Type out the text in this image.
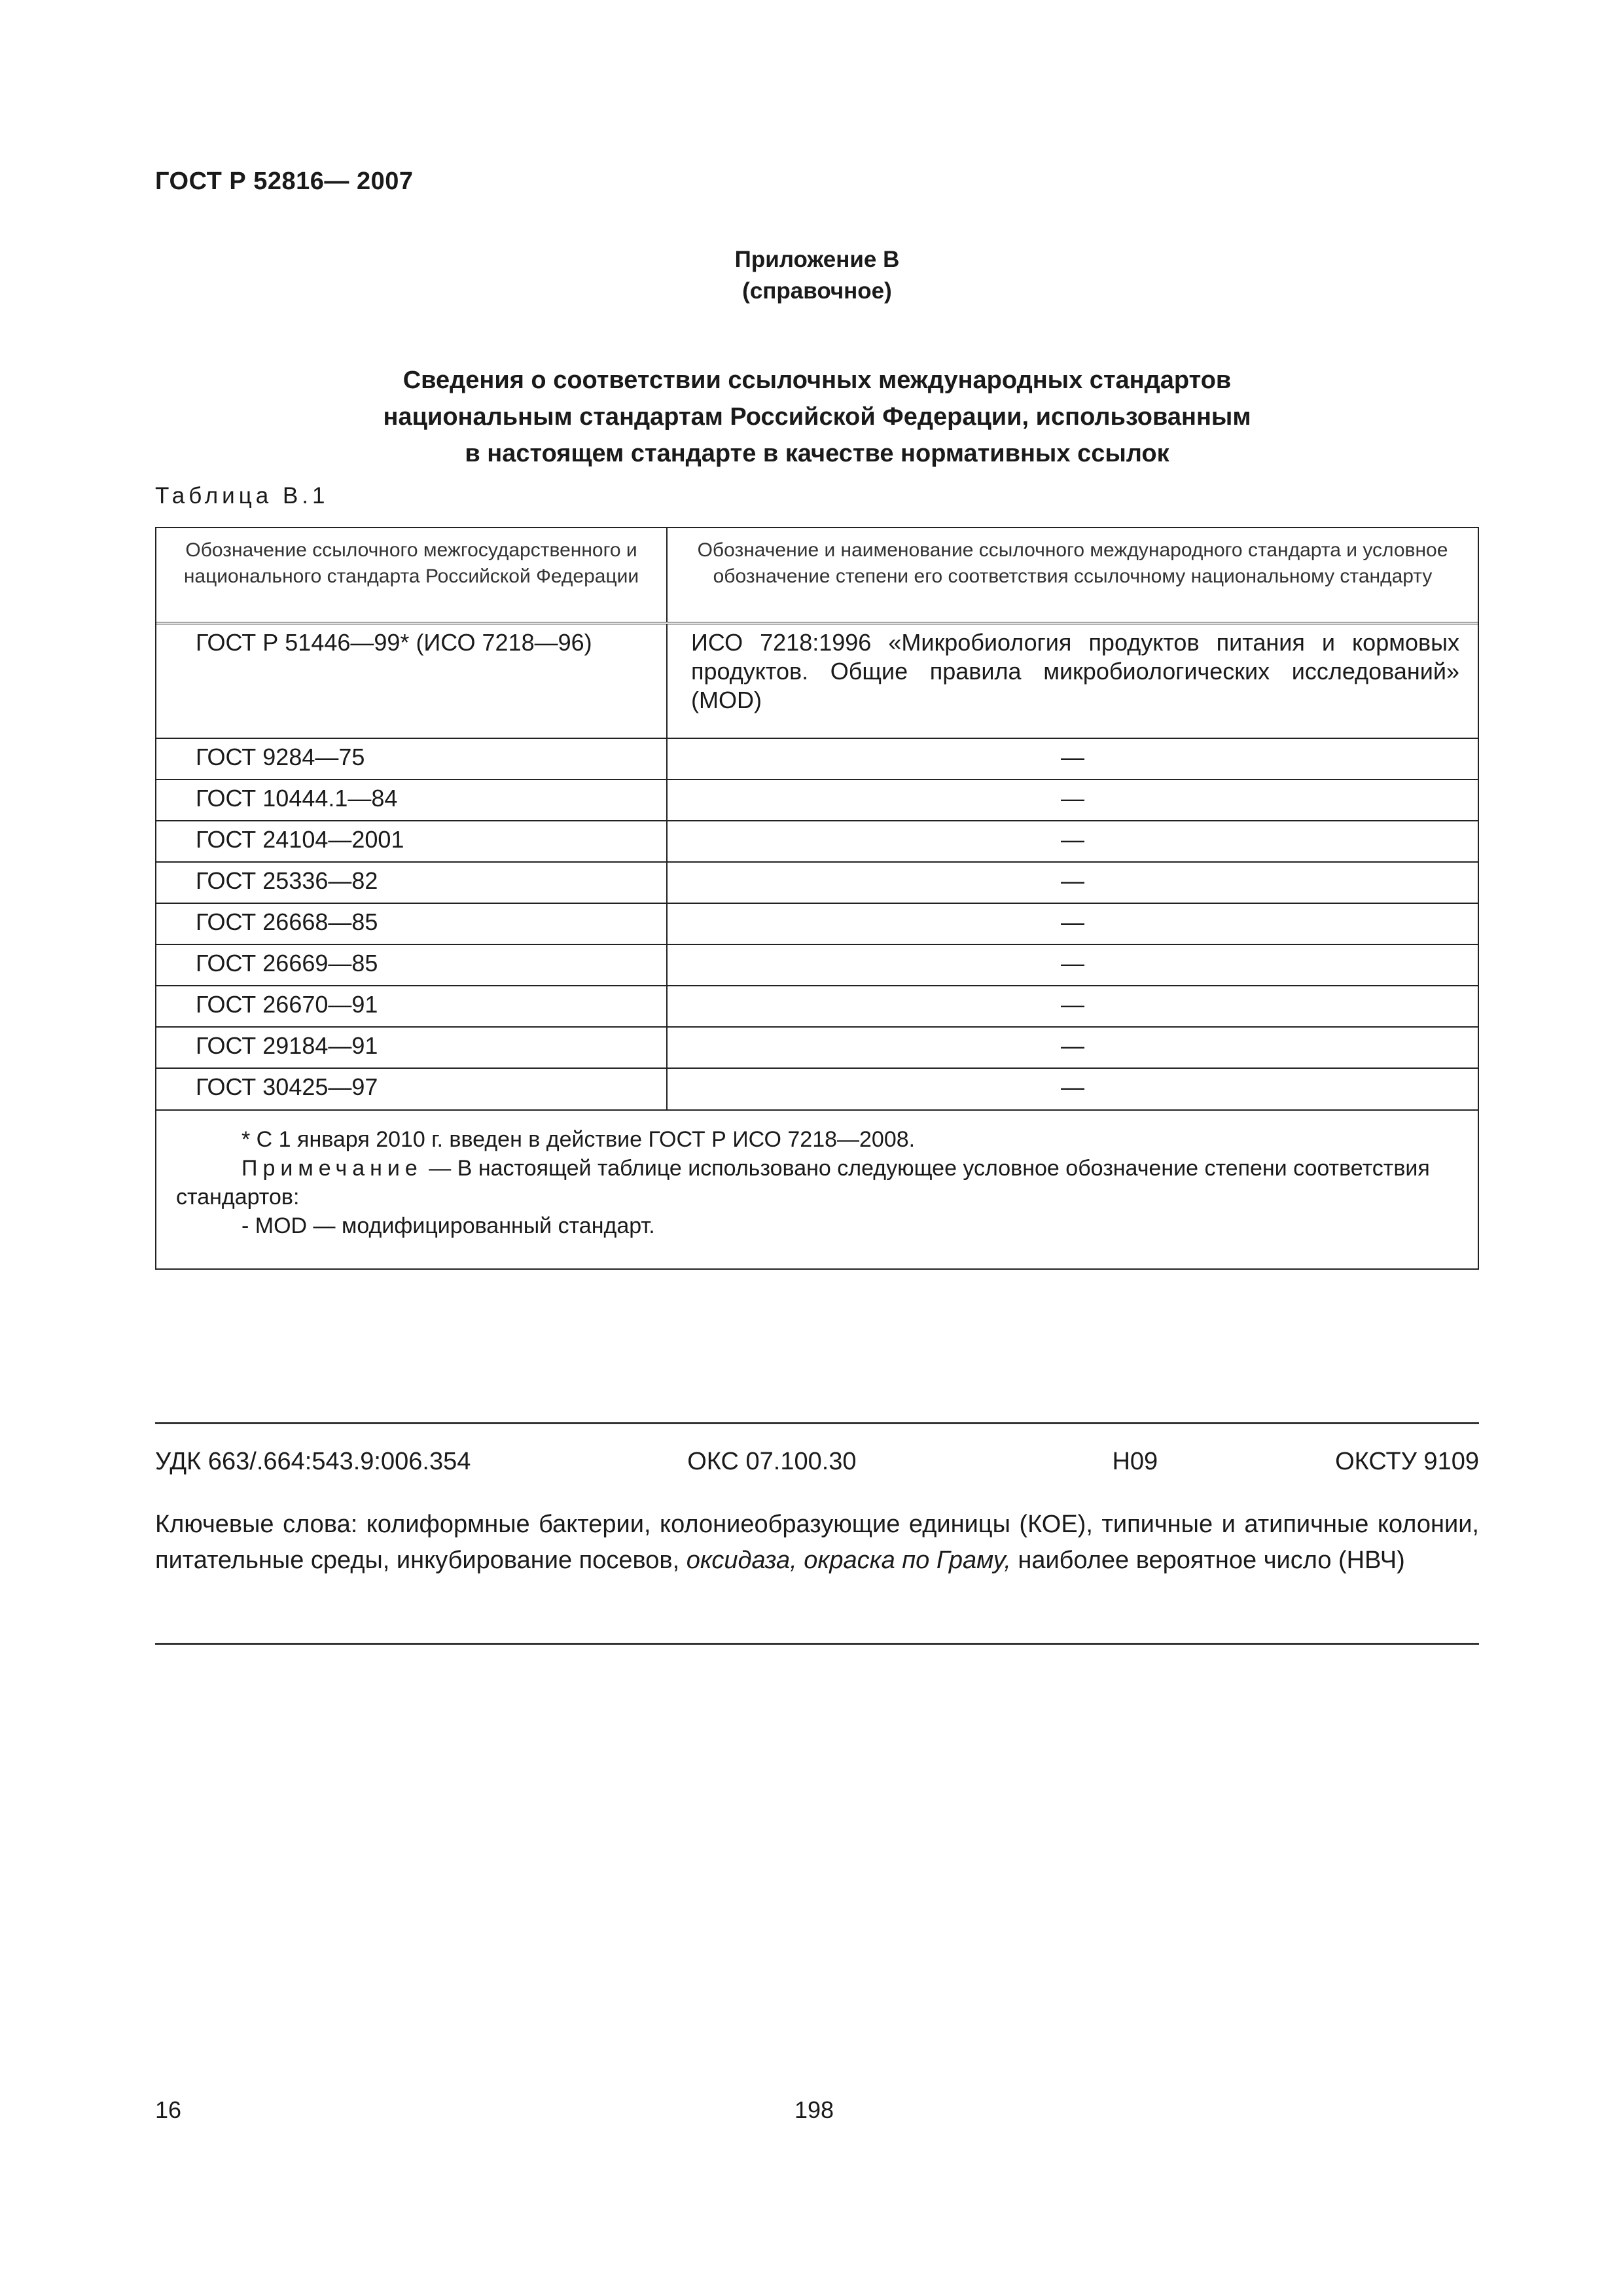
ГОСТ Р 52816— 2007
Приложение В
(справочное)
Сведения о соответствии ссылочных международных стандартов
национальным стандартам Российской Федерации, использованным
в настоящем стандарте в качестве нормативных ссылок
Таблица В.1
Обозначение ссылочного межгосударственного и национального стандарта Российской Федерации	Обозначение и наименование ссылочного международного стандарта и условное обозначение степени его соответствия ссылочному национальному стандарту
ГОСТ Р 51446—99* (ИСО 7218—96)	ИСО 7218:1996 «Микробиология продуктов питания и кормовых продуктов. Общие правила микробиологических исследований» (MOD)
ГОСТ 9284—75	—
ГОСТ 10444.1—84	—
ГОСТ 24104—2001	—
ГОСТ 25336—82	—
ГОСТ 26668—85	—
ГОСТ 26669—85	—
ГОСТ 26670—91	—
ГОСТ 29184—91	—
ГОСТ 30425—97	—

* С 1 января 2010 г. введен в действие ГОСТ Р ИСО 7218—2008.

Примечание — В настоящей таблице использовано следующее условное обозначение степени соответствия стандартов:

- MOD — модифицированный стандарт.

УДК 663/.664:543.9:006.354	ОКС 07.100.30	Н09	ОКСТУ 9109
Ключевые слова: колиформные бактерии, колониеобразующие единицы (КОЕ), типичные и атипичные колонии, питательные среды, инкубирование посевов, оксидаза, окраска по Граму, наиболее вероятное число (НВЧ)
16	198
